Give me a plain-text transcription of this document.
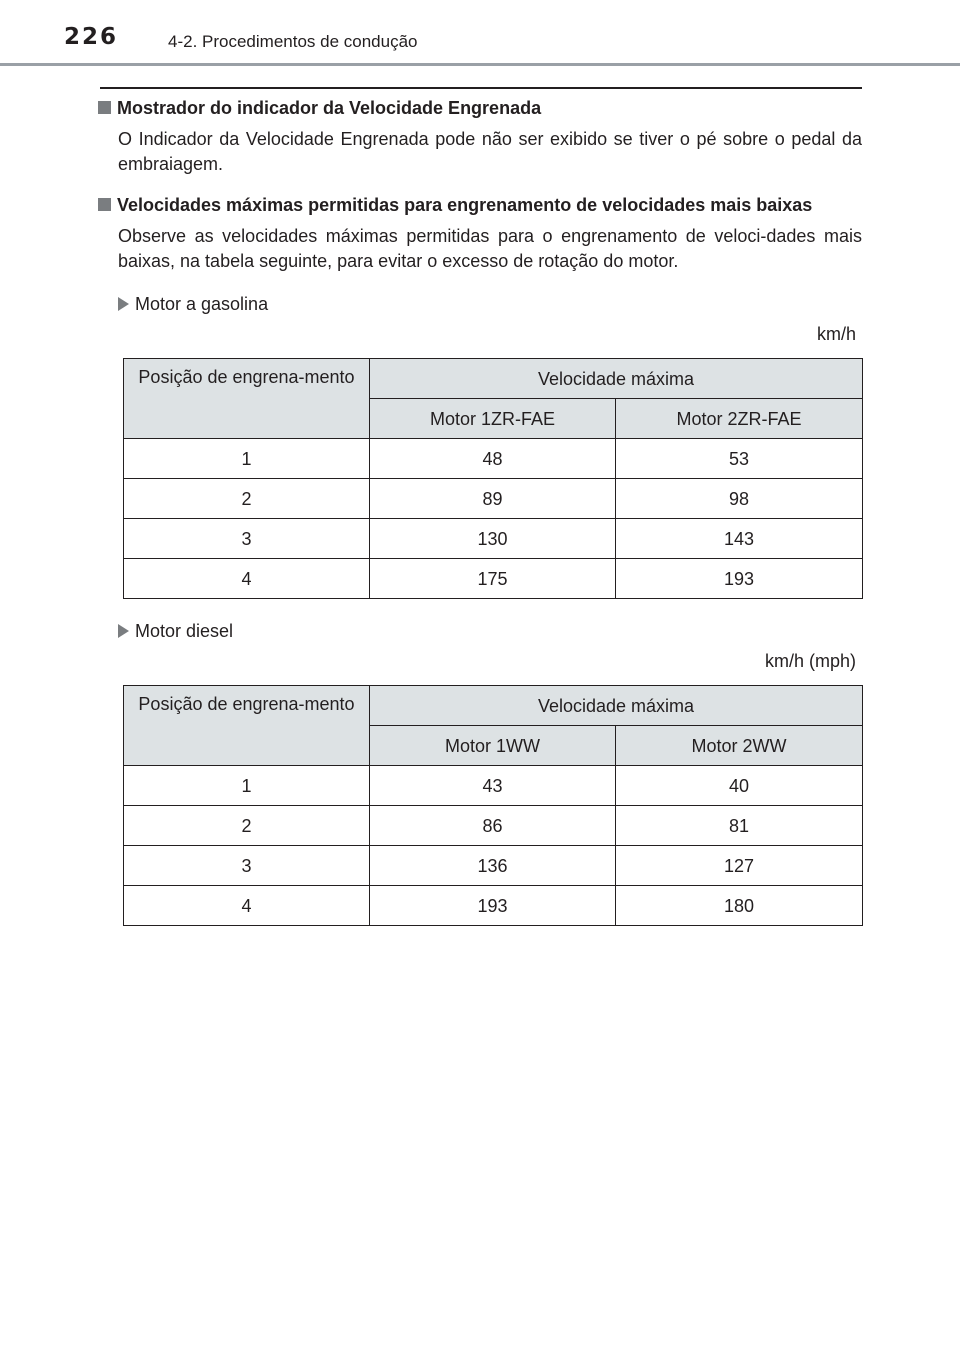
226	4-2. Procedimentos de condução
Mostrador do indicador da Velocidade Engrenada

O Indicador da Velocidade Engrenada pode não ser exibido se tiver o pé sobre o pedal da embraiagem.

Velocidades máximas permitidas para engrenamento de velocidades mais baixas

Observe as velocidades máximas permitidas para o engrenamento de veloci-dades mais baixas, na tabela seguinte, para evitar o excesso de rotação do motor.

Motor a gasolina
km/h
Posição de engrena-mento	Velocidade máxima	
	Motor 1ZR-FAE	Motor 2ZR-FAE
1	48	53
2	89	98
3	130	143
4	175	193
Motor diesel
km/h (mph)
Posição de engrena-mento	Velocidade máxima	
	Motor 1WW	Motor 2WW
1	43	40
2	86	81
3	136	127
4	193	180
